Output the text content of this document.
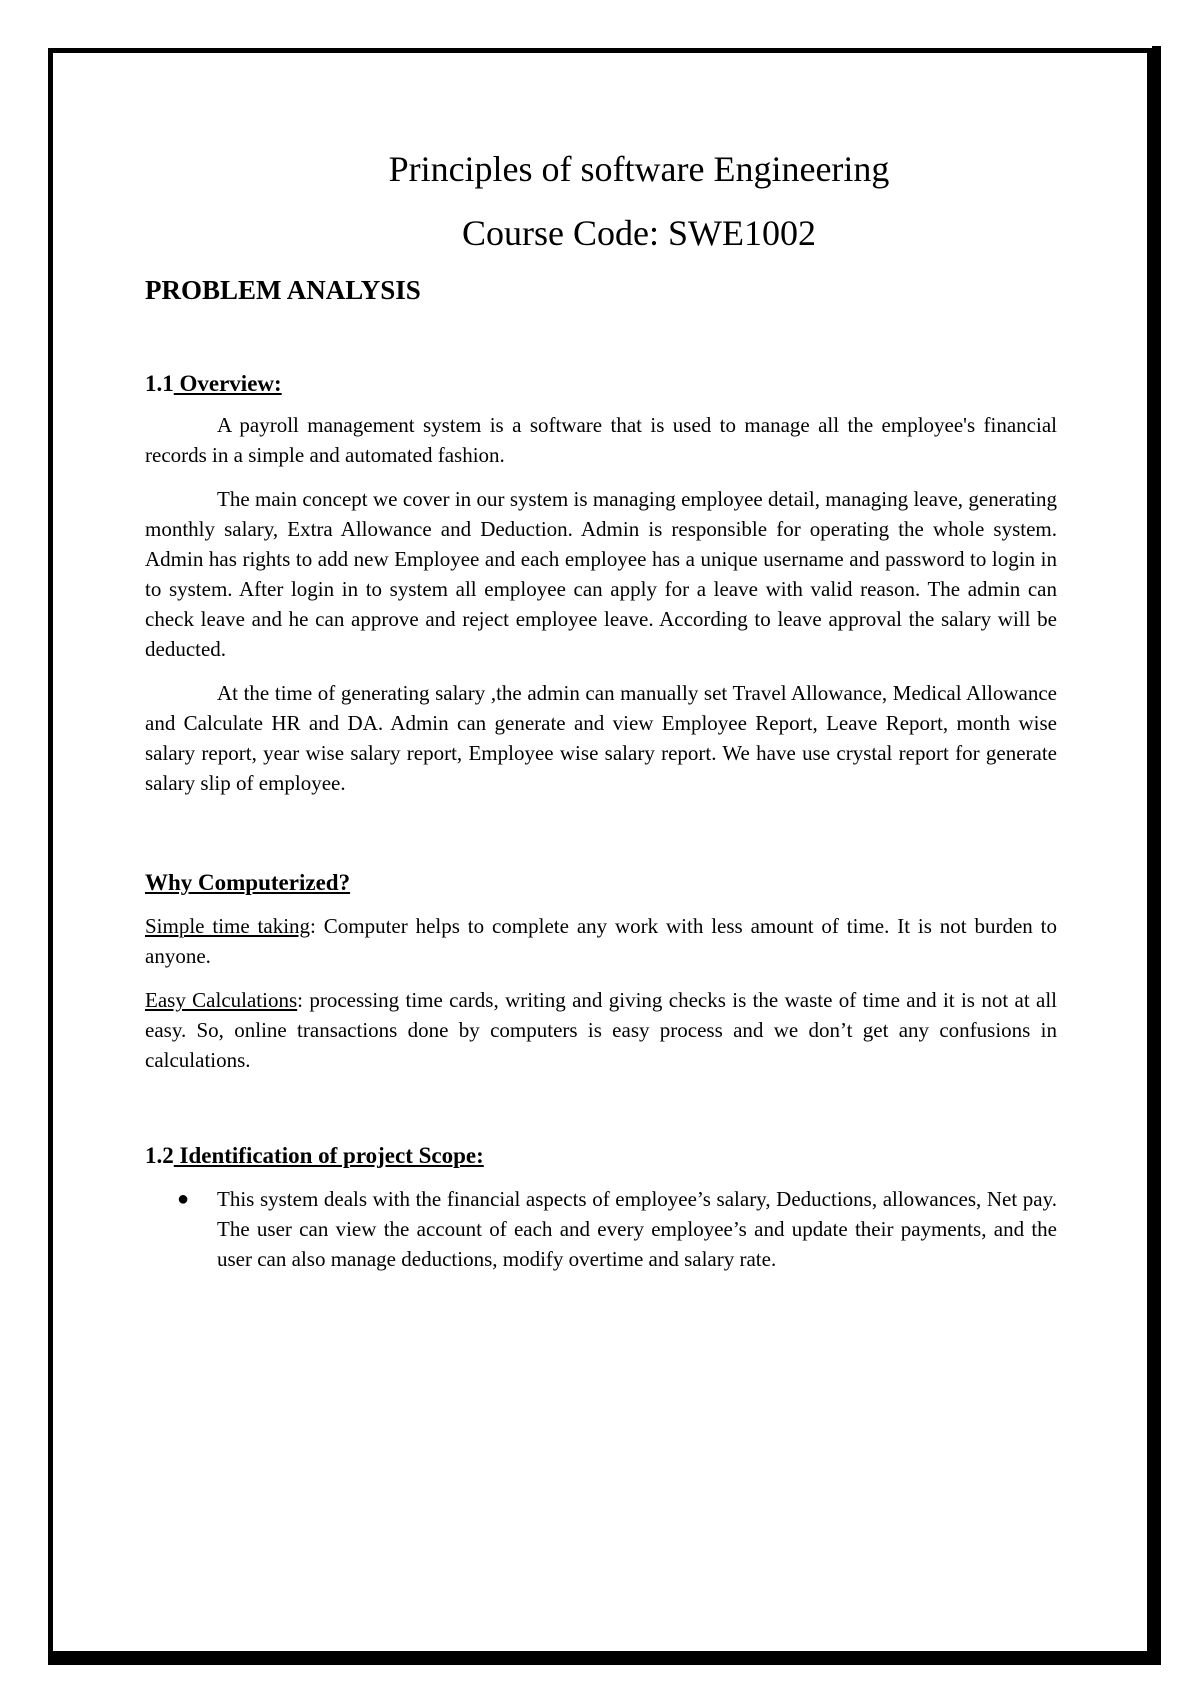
Principles of software Engineering
Course Code: SWE1002
PROBLEM ANALYSIS
1.1 Overview:

A payroll management system is a software that is used to manage all the employee's financial records in a simple and automated fashion.

The main concept we cover in our system is managing employee detail, managing leave, generating monthly salary, Extra Allowance and Deduction. Admin is responsible for operating the whole system. Admin has rights to add new Employee and each employee has a unique username and password to login in to system. After login in to system all employee can apply for a leave with valid reason. The admin can check leave and he can approve and reject employee leave. According to leave approval the salary will be deducted.

At the time of generating salary ,the admin can manually set Travel Allowance, Medical Allowance and Calculate HR and DA. Admin can generate and view Employee Report, Leave Report, month wise salary report, year wise salary report, Employee wise salary report. We have use crystal report for generate salary slip of employee.

Why Computerized?

Simple time taking: Computer helps to complete any work with less amount of time. It is not burden to anyone.

Easy Calculations: processing time cards, writing and giving checks is the waste of time and it is not at all easy. So, online transactions done by computers is easy process and we don’t get any confusions in calculations.

1.2 Identification of project Scope:
● This system deals with the financial aspects of employee’s salary, Deductions, allowances, Net pay. The user can view the account of each and every employee’s and update their payments, and the user can also manage deductions, modify overtime and salary rate.
